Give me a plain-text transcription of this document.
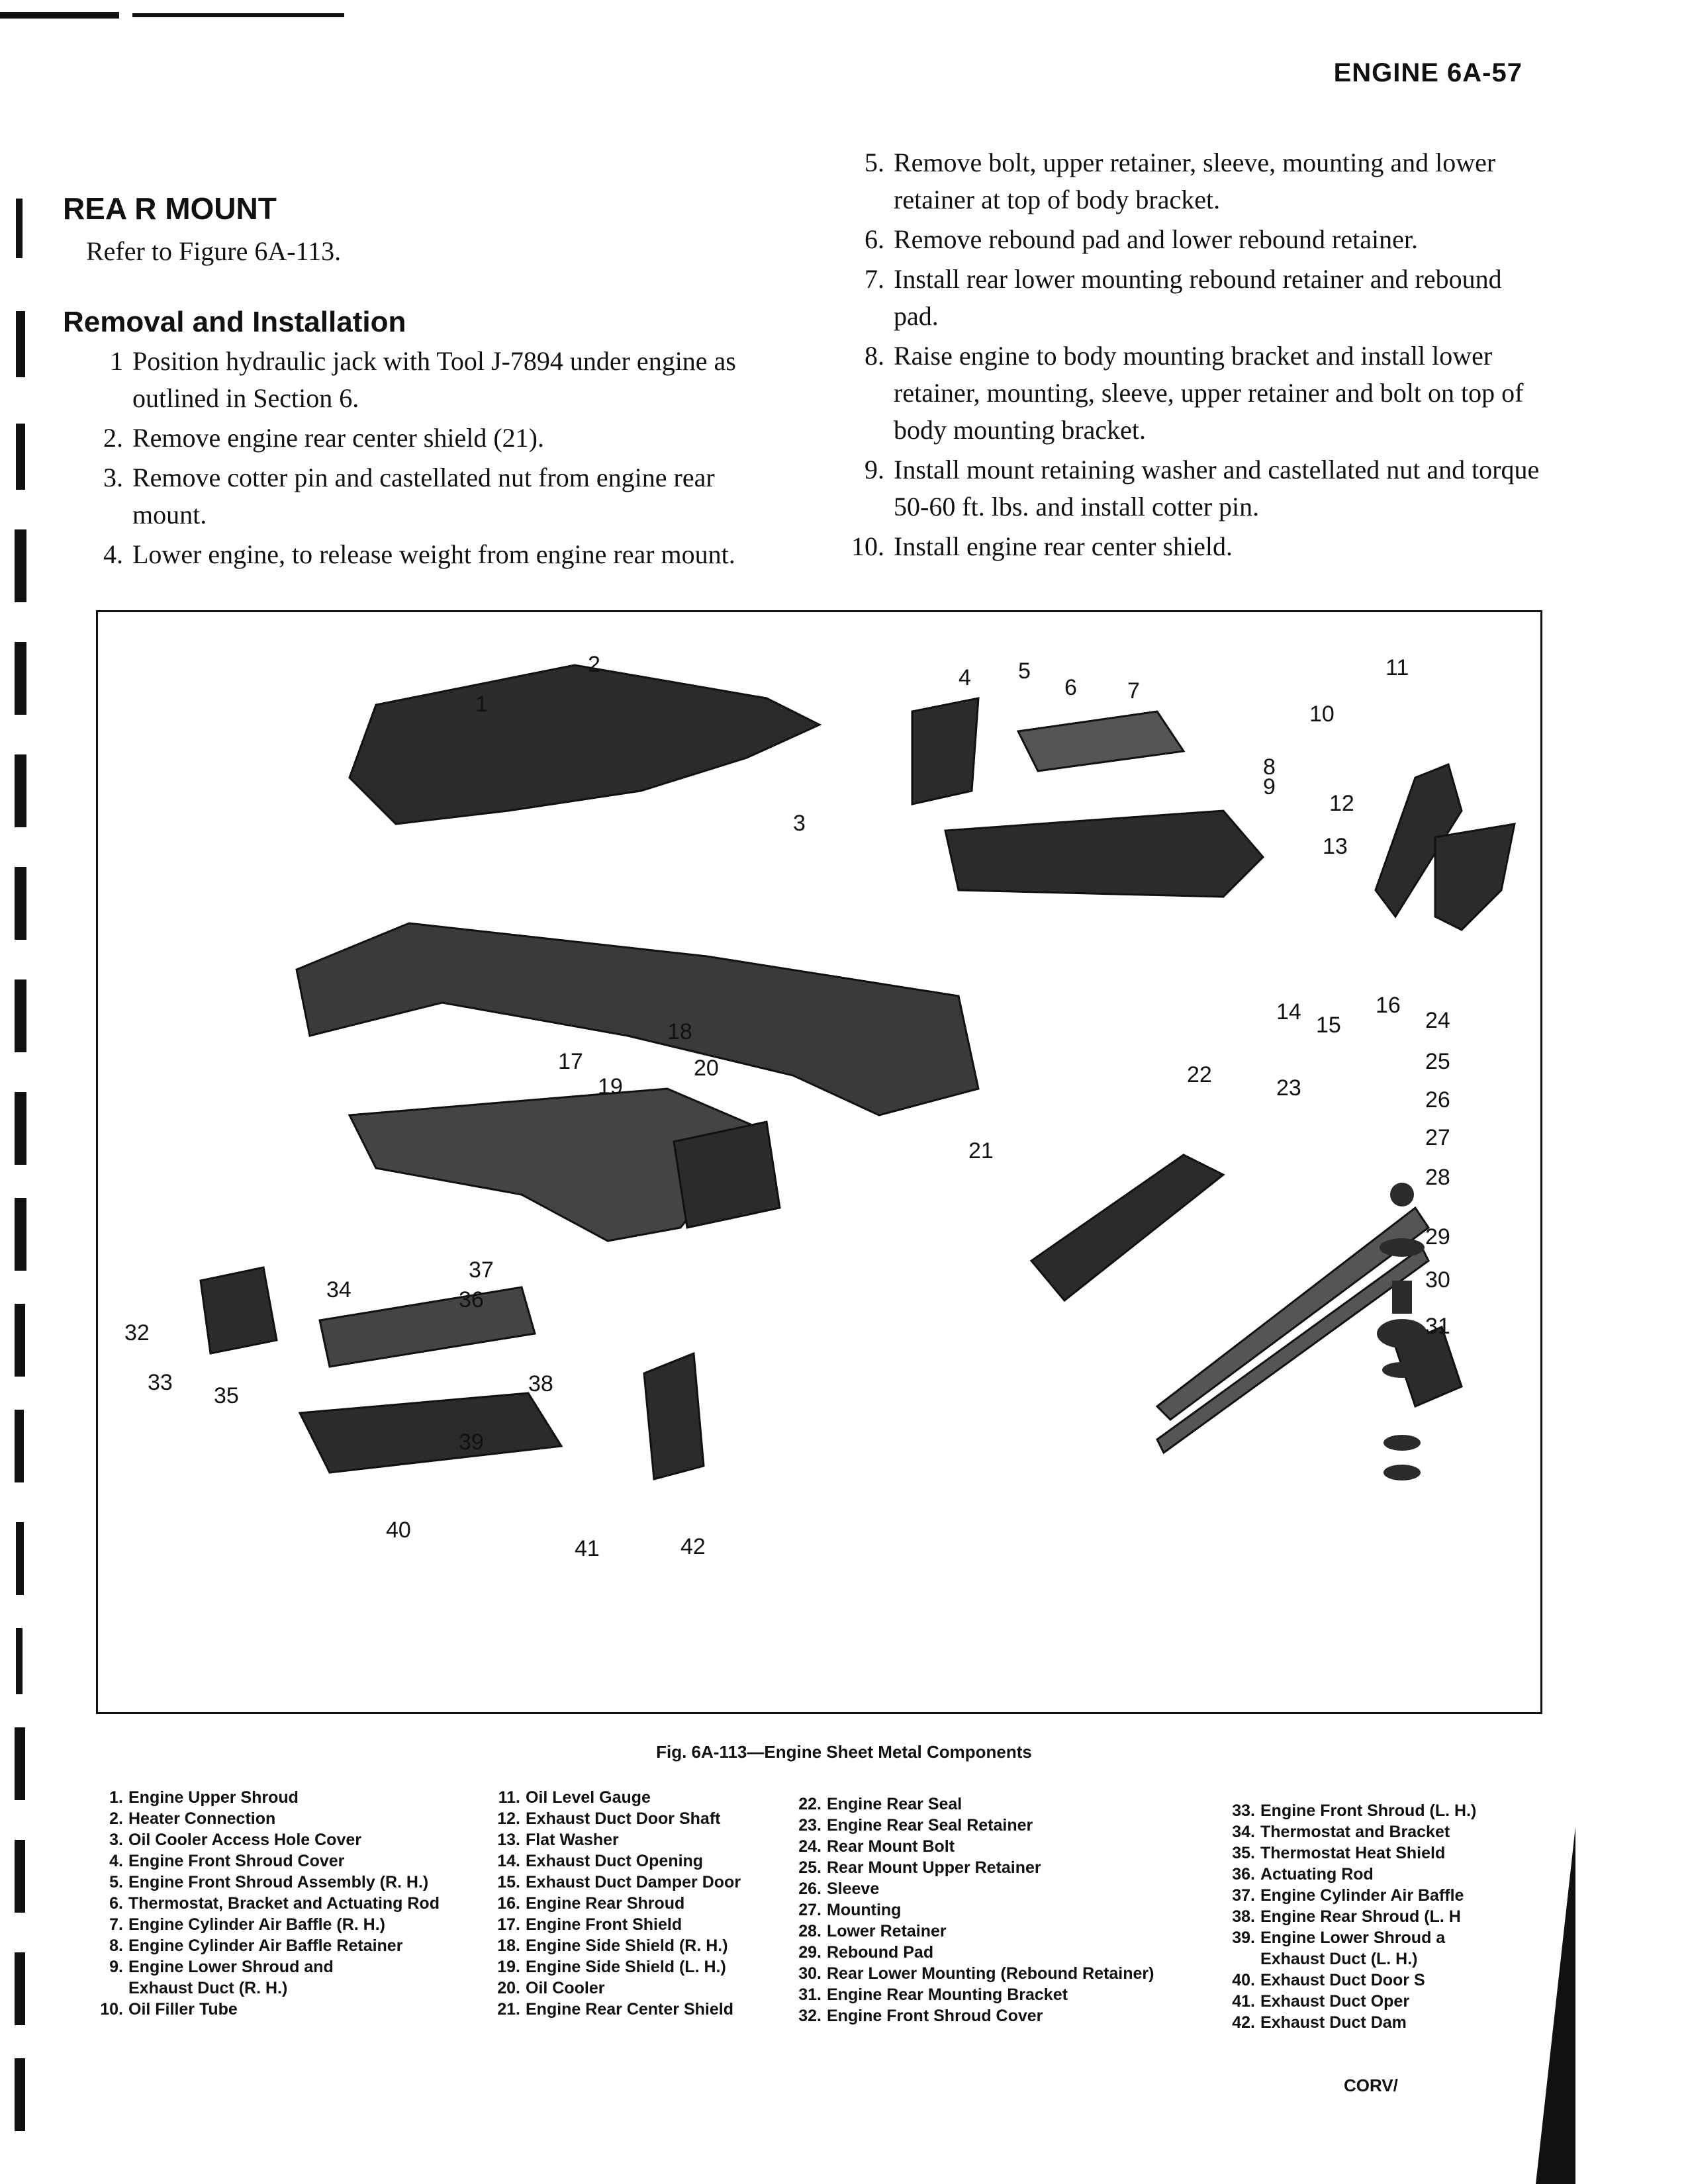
ENGINE 6A-57
REA R MOUNT
Refer to Figure 6A-113.
Removal and Installation
1 Position hydraulic jack with Tool J-7894 under engine as outlined in Section 6.
2. Remove engine rear center shield (21).
3. Remove cotter pin and castellated nut from engine rear mount.
4. Lower engine, to release weight from engine rear mount.
5. Remove bolt, upper retainer, sleeve, mounting and lower retainer at top of body bracket.
6. Remove rebound pad and lower rebound retainer.
7. Install rear lower mounting rebound retainer and rebound pad.
8. Raise engine to body mounting bracket and install lower retainer, mounting, sleeve, upper retainer and bolt on top of body mounting bracket.
9. Install mount retaining washer and castellated nut and torque 50-60 ft. lbs. and install cotter pin.
10. Install engine rear center shield.
1
2
3
4 5
6 7
8
9
10
11
12
13
14
15
16
17
18
19
20
21
22
23
24
25
26
27
28
29
30
31
32
33
34
35
36
37
38
39
40
41	42
Fig. 6A-113—Engine Sheet Metal Components
1. Engine Upper Shroud
2. Heater Connection
3. Oil Cooler Access Hole Cover
4. Engine Front Shroud Cover
5. Engine Front Shroud Assembly (R. H.)
6. Thermostat, Bracket and Actuating Rod
7. Engine Cylinder Air Baffle (R. H.)
8. Engine Cylinder Air Baffle Retainer
9. Engine Lower Shroud and
Exhaust Duct (R. H.)
10. Oil Filler Tube
11. Oil Level Gauge
12. Exhaust Duct Door Shaft
13. Flat Washer
14. Exhaust Duct Opening
15. Exhaust Duct Damper Door
16. Engine Rear Shroud
17. Engine Front Shield
18. Engine Side Shield (R. H.)
19. Engine Side Shield (L. H.)
20. Oil Cooler
21. Engine Rear Center Shield
22. Engine Rear Seal
23. Engine Rear Seal Retainer
24. Rear Mount Bolt
25. Rear Mount Upper Retainer
26. Sleeve
27. Mounting
28. Lower Retainer
29. Rebound Pad
30. Rear Lower Mounting (Rebound Retainer)
31. Engine Rear Mounting Bracket
32. Engine Front Shroud Cover
33. Engine Front Shroud (L. H.)
34. Thermostat and Bracket
35. Thermostat Heat Shield
36. Actuating Rod
37. Engine Cylinder Air Baffle
38. Engine Rear Shroud (L. H
39. Engine Lower Shroud a
Exhaust Duct (L. H.)
40. Exhaust Duct Door S
41. Exhaust Duct Oper
42. Exhaust Duct Dam
CORV/
